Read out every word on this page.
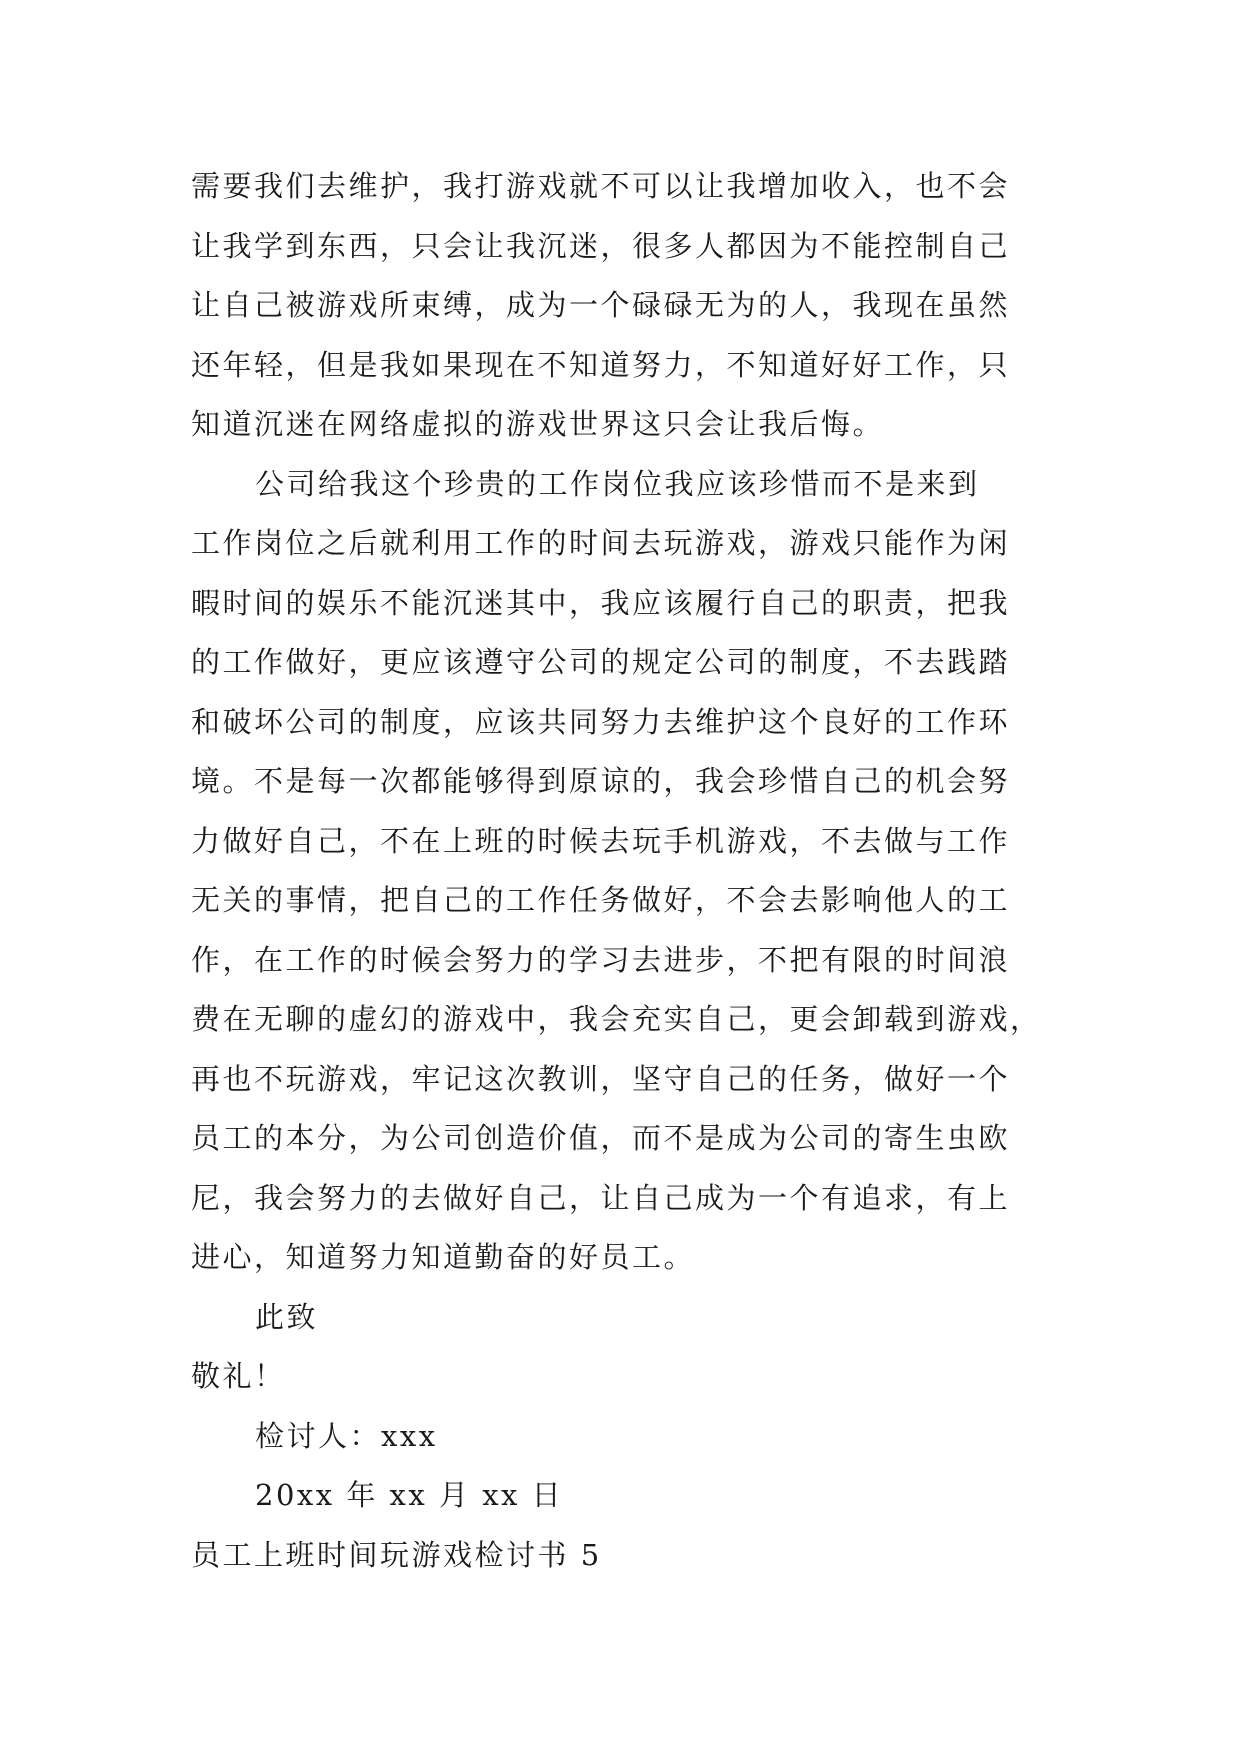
需要我们去维护，我打游戏就不可以让我增加收入，也不会
让我学到东西，只会让我沉迷，很多人都因为不能控制自己
让自己被游戏所束缚，成为一个碌碌无为的人，我现在虽然
还年轻，但是我如果现在不知道努力，不知道好好工作，只
知道沉迷在网络虚拟的游戏世界这只会让我后悔。
公司给我这个珍贵的工作岗位我应该珍惜而不是来到
工作岗位之后就利用工作的时间去玩游戏，游戏只能作为闲
暇时间的娱乐不能沉迷其中，我应该履行自己的职责，把我
的工作做好，更应该遵守公司的规定公司的制度，不去践踏
和破坏公司的制度，应该共同努力去维护这个良好的工作环
境。不是每一次都能够得到原谅的，我会珍惜自己的机会努
力做好自己，不在上班的时候去玩手机游戏，不去做与工作
无关的事情，把自己的工作任务做好，不会去影响他人的工
作，在工作的时候会努力的学习去进步，不把有限的时间浪
费在无聊的虚幻的游戏中，我会充实自己，更会卸载到游戏，
再也不玩游戏，牢记这次教训，坚守自己的任务，做好一个
员工的本分，为公司创造价值，而不是成为公司的寄生虫欧
尼，我会努力的去做好自己，让自己成为一个有追求，有上
进心，知道努力知道勤奋的好员工。
此致
敬礼！
检讨人：xxx
20xx 年 xx 月 xx 日
员工上班时间玩游戏检讨书 5
